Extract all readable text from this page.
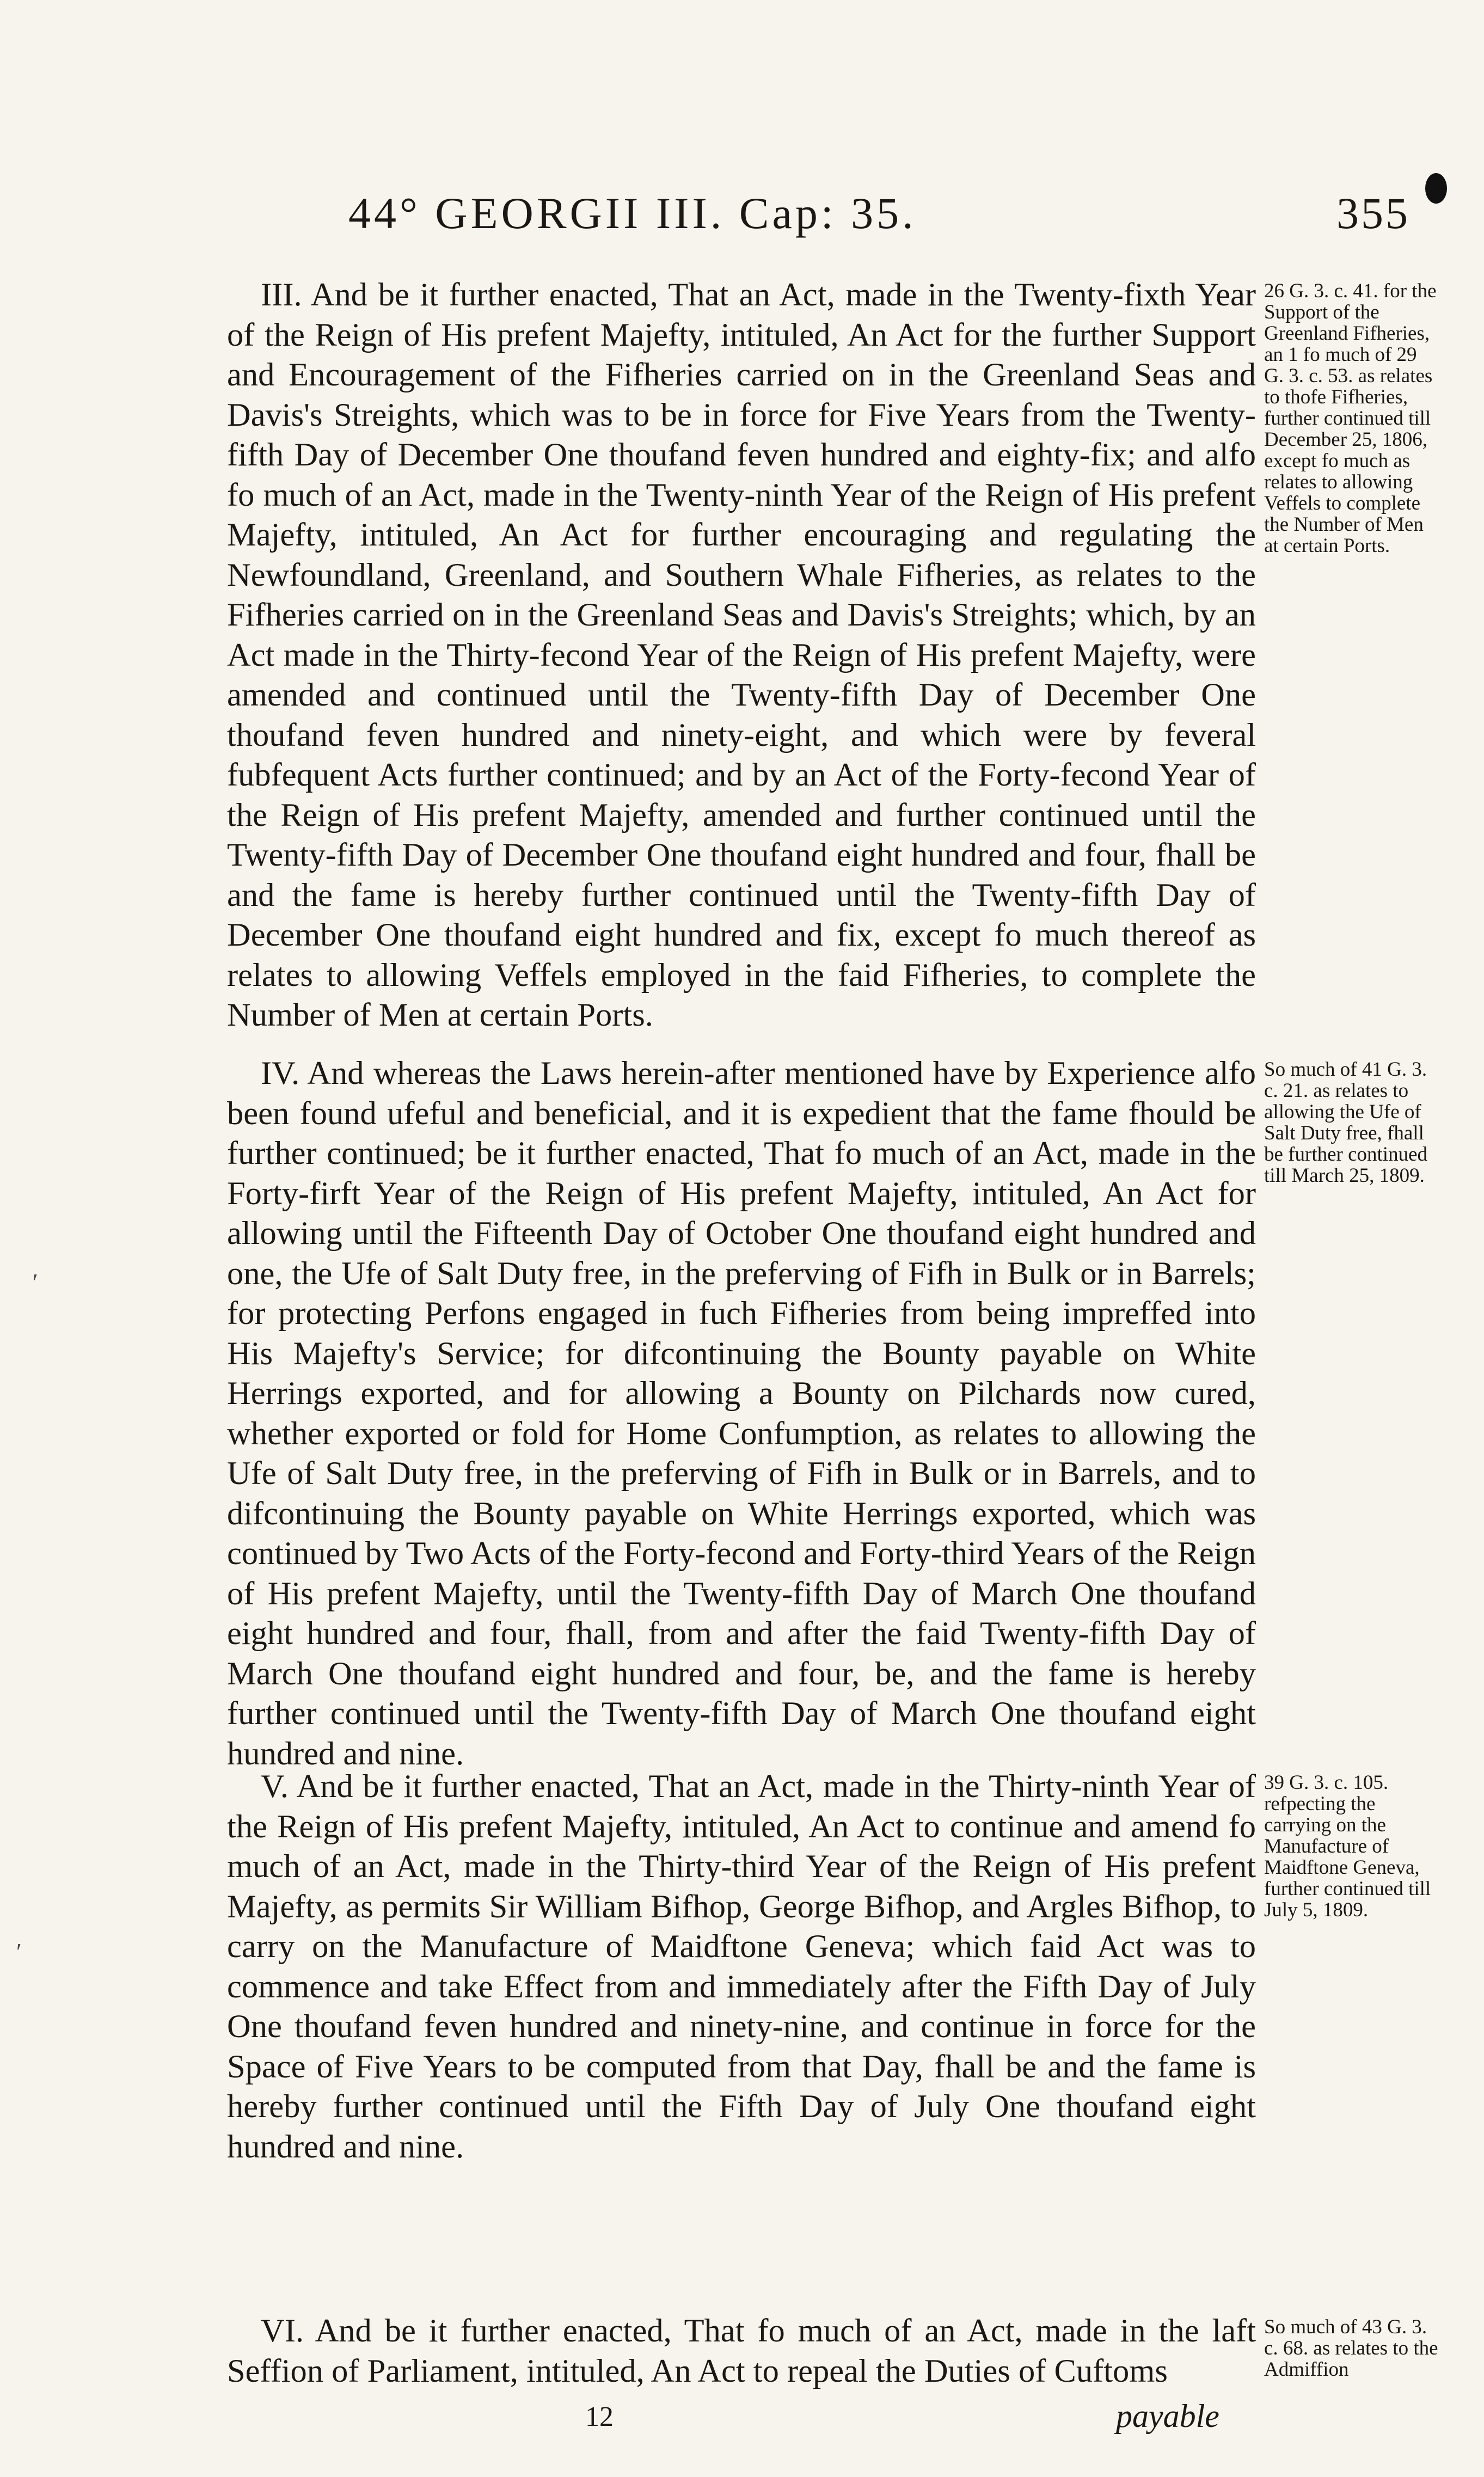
44° GEORGII III. Cap: 35.	355

III. And be it further enacted, That an Act, made in the Twenty-fixth Year of the Reign of His prefent Majefty, intituled, An Act for the further Support and Encouragement of the Fifheries carried on in the Greenland Seas and Davis's Streights, which was to be in force for Five Years from the Twenty-fifth Day of December One thoufand feven hundred and eighty-fix; and alfo fo much of an Act, made in the Twenty-ninth Year of the Reign of His prefent Majefty, intituled, An Act for further encouraging and regulating the Newfoundland, Greenland, and Southern Whale Fifheries, as relates to the Fifheries carried on in the Greenland Seas and Davis's Streights; which, by an Act made in the Thirty-fecond Year of the Reign of His prefent Majefty, were amended and continued until the Twenty-fifth Day of December One thoufand feven hundred and ninety-eight, and which were by feveral fubfequent Acts further continued; and by an Act of the Forty-fecond Year of the Reign of His prefent Majefty, amended and further continued until the Twenty-fifth Day of December One thoufand eight hundred and four, fhall be and the fame is hereby further continued until the Twenty-fifth Day of December One thoufand eight hundred and fix, except fo much thereof as relates to allowing Veffels employed in the faid Fifheries, to complete the Number of Men at certain Ports.

26 G. 3. c. 41. for the Support of the Greenland Fifheries, an 1 fo much of 29 G. 3. c. 53. as relates to thofe Fifheries, further continued till December 25, 1806, except fo much as relates to allowing Veffels to complete the Number of Men at certain Ports.

IV. And whereas the Laws herein-after mentioned have by Experience alfo been found ufeful and beneficial, and it is expedient that the fame fhould be further continued; be it further enacted, That fo much of an Act, made in the Forty-firft Year of the Reign of His prefent Majefty, intituled, An Act for allowing until the Fifteenth Day of October One thoufand eight hundred and one, the Ufe of Salt Duty free, in the preferving of Fifh in Bulk or in Barrels; for protecting Perfons engaged in fuch Fifheries from being impreffed into His Majefty's Service; for difcontinuing the Bounty payable on White Herrings exported, and for allowing a Bounty on Pilchards now cured, whether exported or fold for Home Confumption, as relates to allowing the Ufe of Salt Duty free, in the preferving of Fifh in Bulk or in Barrels, and to difcontinuing the Bounty payable on White Herrings exported, which was continued by Two Acts of the Forty-fecond and Forty-third Years of the Reign of His prefent Majefty, until the Twenty-fifth Day of March One thoufand eight hundred and four, fhall, from and after the faid Twenty-fifth Day of March One thoufand eight hundred and four, be, and the fame is hereby further continued until the Twenty-fifth Day of March One thoufand eight hundred and nine.

So much of 41 G. 3. c. 21. as relates to allowing the Ufe of Salt Duty free, fhall be further continued till March 25, 1809.

V. And be it further enacted, That an Act, made in the Thirty-ninth Year of the Reign of His prefent Majefty, intituled, An Act to continue and amend fo much of an Act, made in the Thirty-third Year of the Reign of His prefent Majefty, as permits Sir William Bifhop, George Bifhop, and Argles Bifhop, to carry on the Manufacture of Maidftone Geneva; which faid Act was to commence and take Effect from and immediately after the Fifth Day of July One thoufand feven hundred and ninety-nine, and continue in force for the Space of Five Years to be computed from that Day, fhall be and the fame is hereby further continued until the Fifth Day of July One thoufand eight hundred and nine.

39 G. 3. c. 105. refpecting the carrying on the Manufacture of Maidftone Geneva, further continued till July 5, 1809.

VI. And be it further enacted, That fo much of an Act, made in the laft Seffion of Parliament, intituled, An Act to repeal the Duties of Cuftoms

So much of 43 G. 3. c. 68. as relates to the Admiffion
12	payable
ʹ
ʹ
